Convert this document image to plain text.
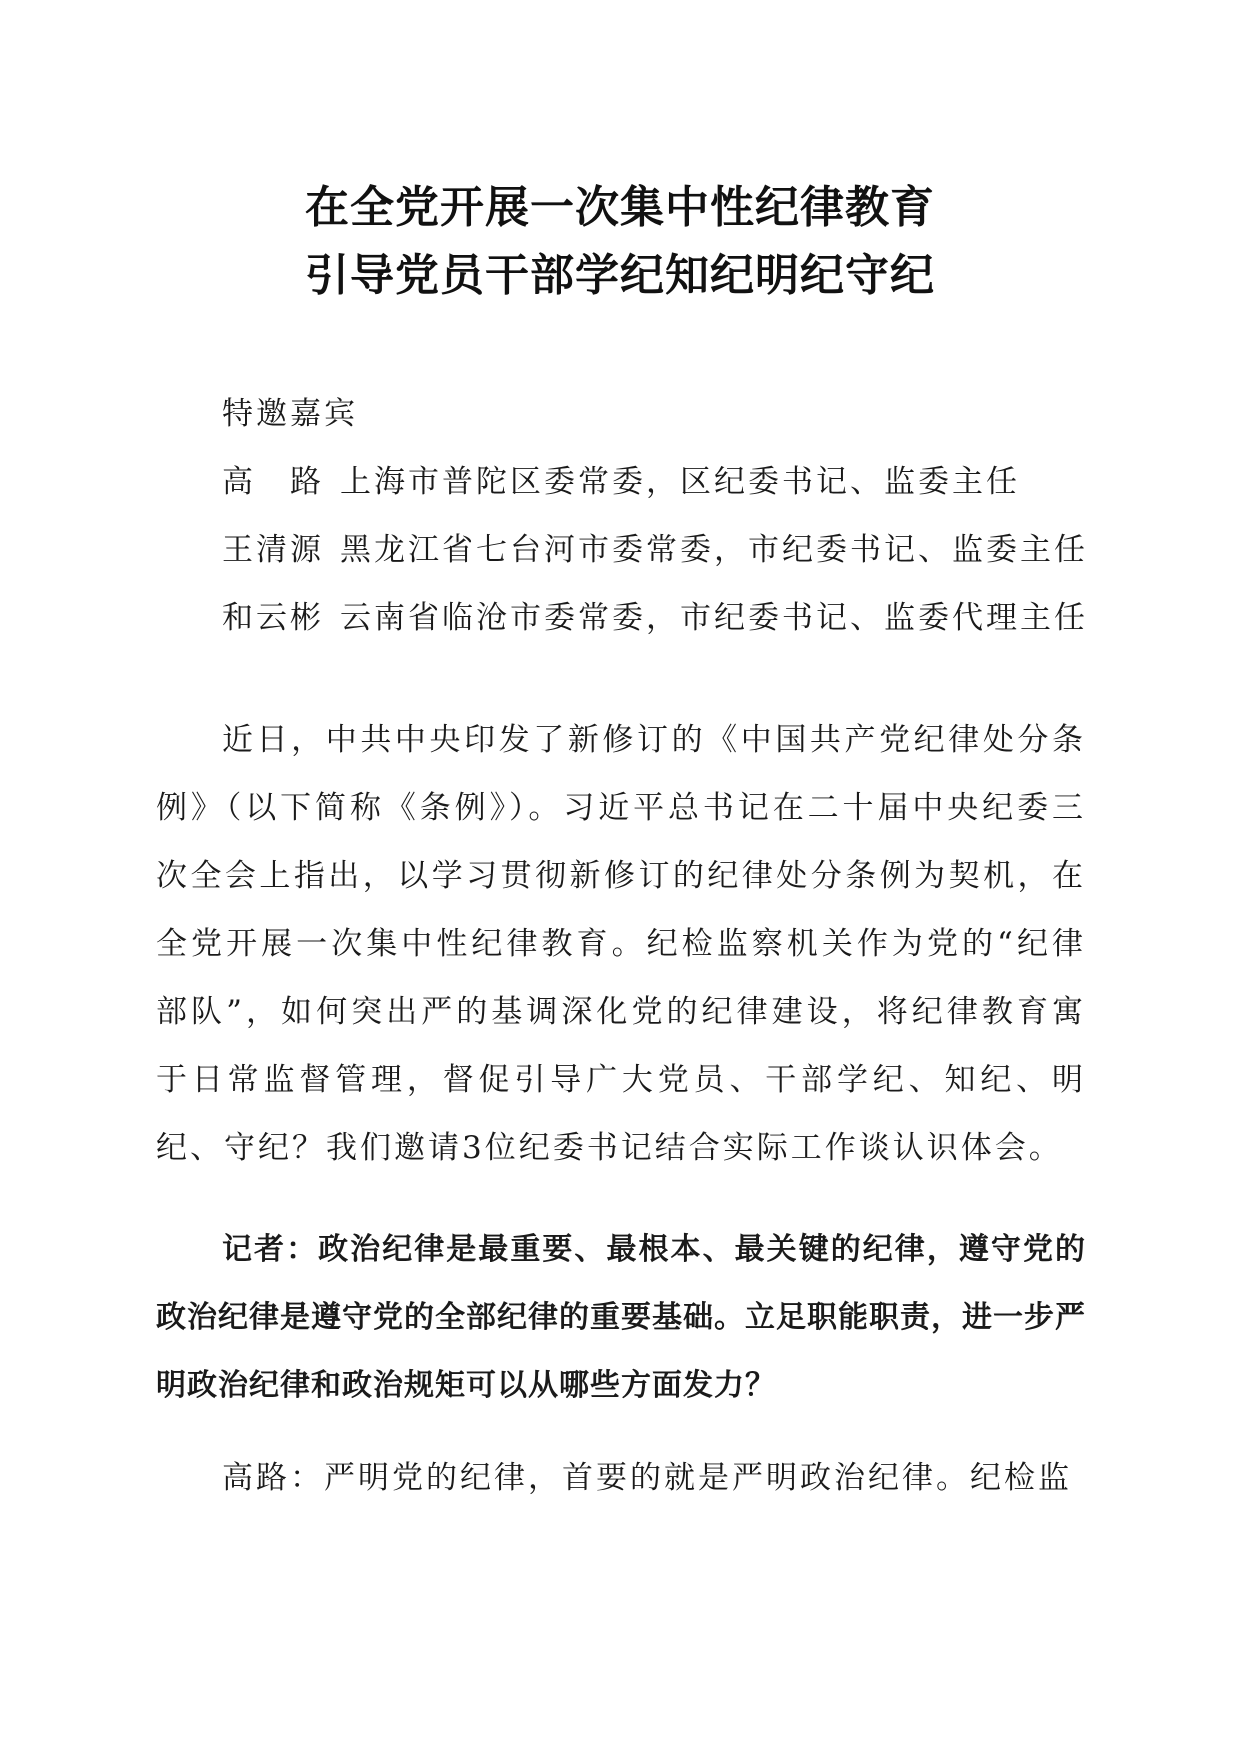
在全党开展一次集中性纪律教育
引导党员干部学纪知纪明纪守纪
特邀嘉宾
高　路 上海市普陀区委常委，区纪委书记、监委主任
王清源 黑龙江省七台河市委常委，市纪委书记、监委主任
和云彬 云南省临沧市委常委，市纪委书记、监委代理主任
近日，中共中央印发了新修订的《中国共产党纪律处分条例》（以下简称《条例》）。习近平总书记在二十届中央纪委三次全会上指出，以学习贯彻新修订的纪律处分条例为契机，在全党开展一次集中性纪律教育。纪检监察机关作为党的“纪律部队”，如何突出严的基调深化党的纪律建设，将纪律教育寓于日常监督管理，督促引导广大党员、干部学纪、知纪、明纪、守纪？我们邀请3位纪委书记结合实际工作谈认识体会。
记者：政治纪律是最重要、最根本、最关键的纪律，遵守党的政治纪律是遵守党的全部纪律的重要基础。立足职能职责，进一步严明政治纪律和政治规矩可以从哪些方面发力？
高路：严明党的纪律，首要的就是严明政治纪律。纪检监
